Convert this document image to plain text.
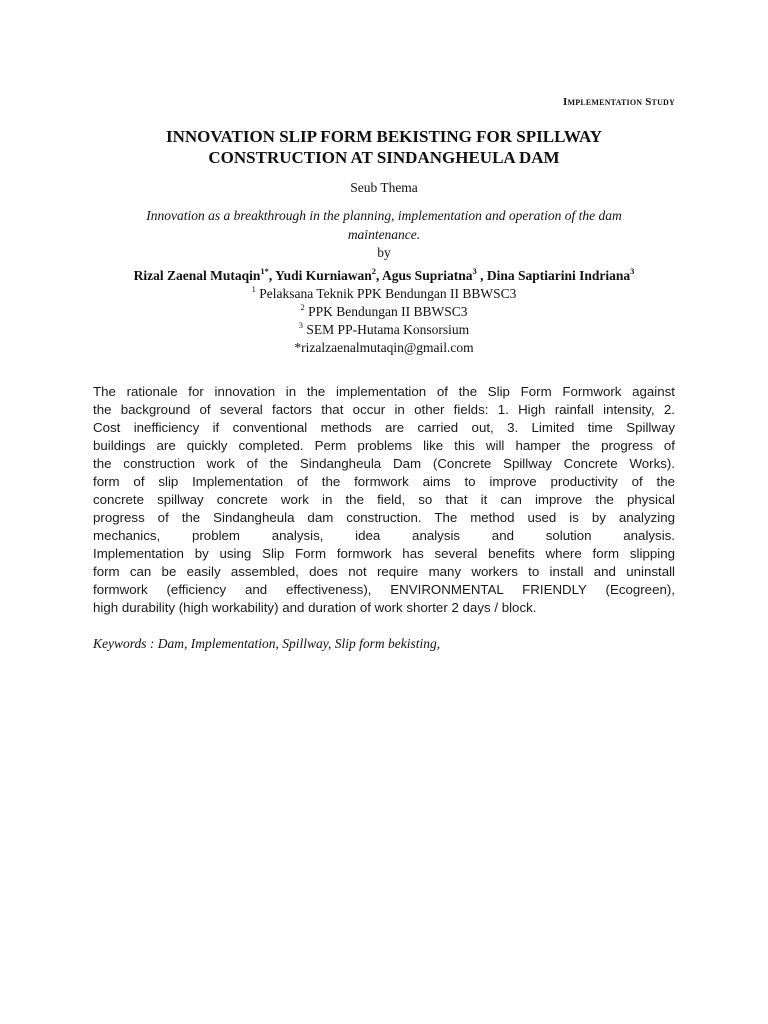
Implementation Study
INNOVATION SLIP FORM BEKISTING FOR SPILLWAY
CONSTRUCTION AT SINDANGHEULA DAM
Seub Thema
Innovation as a breakthrough in the planning, implementation and operation of the dam
maintenance.
by
Rizal Zaenal Mutaqin$^{1*}$, Yudi Kurniawan$^2$, Agus Supriatna$^3$ , Dina Saptiarini Indriana$^3$
$^1$ Pelaksana Teknik PPK Bendungan II BBWSC3
$^2$ PPK Bendungan II BBWSC3
$^3$ SEM PP-Hutama Konsorsium
*rizalzaenalmutaqin@gmail.com
The rationale for innovation in the implementation of the Slip Form Formwork against
the background of several factors that occur in other fields: 1. High rainfall intensity, 2.
Cost inefficiency if conventional methods are carried out, 3. Limited time Spillway
buildings are quickly completed. Perm problems like this will hamper the progress of
the construction work of the Sindangheula Dam (Concrete Spillway Concrete Works).
form of slip Implementation of the formwork aims to improve productivity of the
concrete spillway concrete work in the field, so that it can improve the physical
progress of the Sindangheula dam construction. The method used is by analyzing
mechanics, problem analysis, idea analysis and solution analysis.
Implementation by using Slip Form formwork has several benefits where form slipping
form can be easily assembled, does not require many workers to install and uninstall
formwork (efficiency and effectiveness), ENVIRONMENTAL FRIENDLY (Ecogreen),
high durability (high workability) and duration of work shorter 2 days / block.
Keywords : Dam, Implementation, Spillway, Slip form bekisting,
